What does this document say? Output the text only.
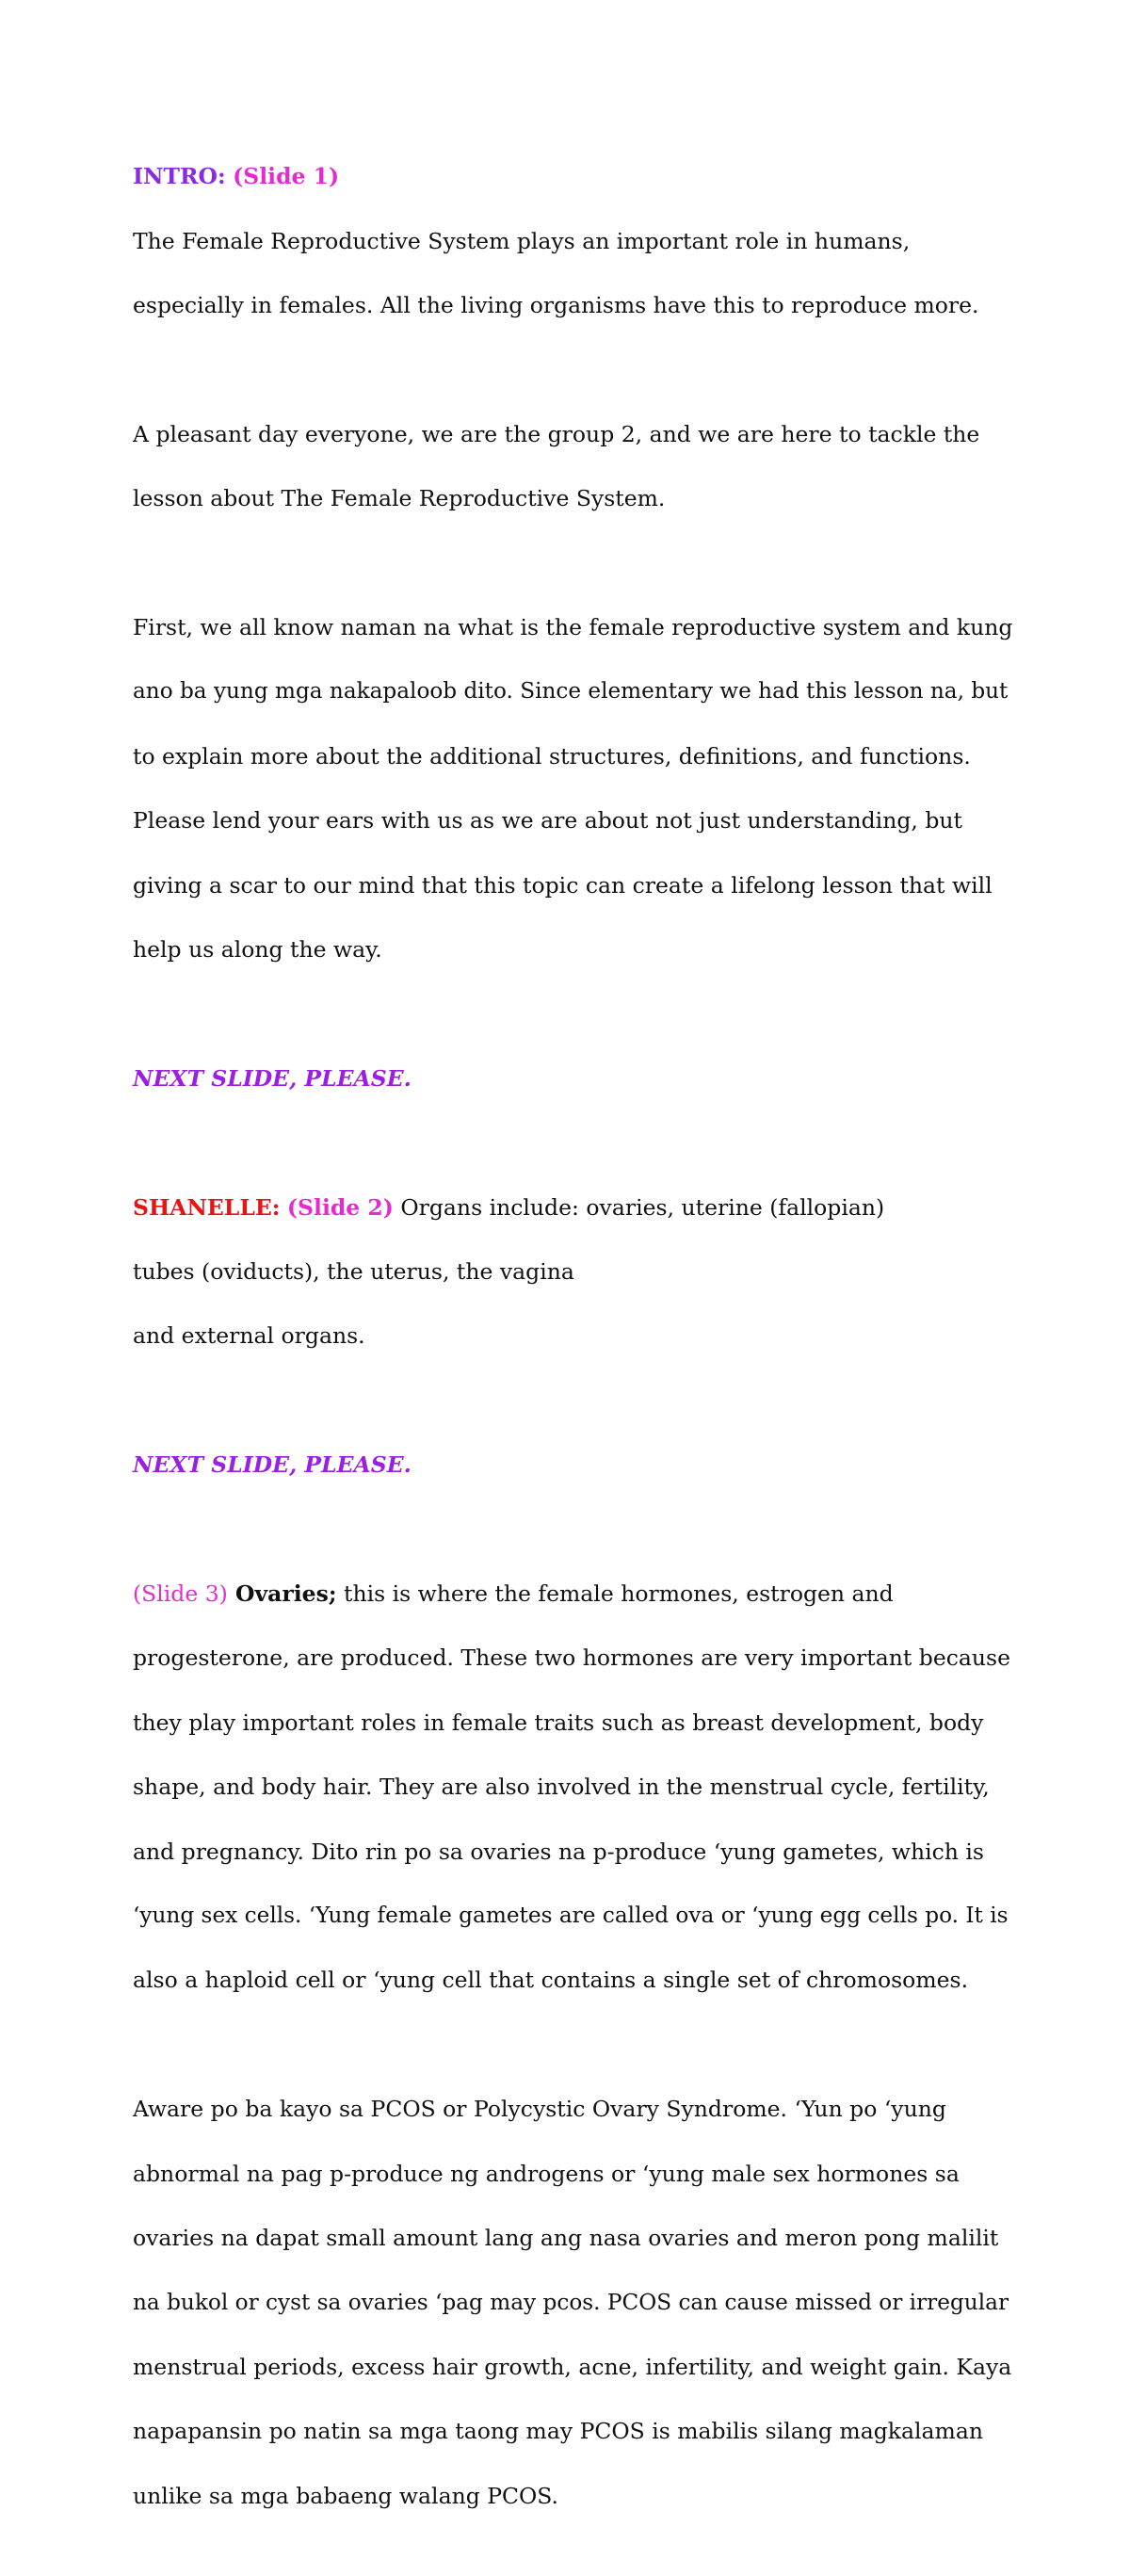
INTRO: (Slide 1)

The Female Reproductive System plays an important role in humans,

especially in females. All the living organisms have this to reproduce more.

A pleasant day everyone, we are the group 2, and we are here to tackle the

lesson about The Female Reproductive System.

First, we all know naman na what is the female reproductive system and kung

ano ba yung mga nakapaloob dito. Since elementary we had this lesson na, but

to explain more about the additional structures, definitions, and functions.

Please lend your ears with us as we are about not just understanding, but

giving a scar to our mind that this topic can create a lifelong lesson that will

help us along the way.

NEXT SLIDE, PLEASE.

SHANELLE: (Slide 2) Organs include: ovaries, uterine (fallopian)

tubes (oviducts), the uterus, the vagina

and external organs.

NEXT SLIDE, PLEASE.

(Slide 3) Ovaries; this is where the female hormones, estrogen and

progesterone, are produced. These two hormones are very important because

they play important roles in female traits such as breast development, body

shape, and body hair. They are also involved in the menstrual cycle, fertility,

and pregnancy. Dito rin po sa ovaries na p-produce ‘yung gametes, which is

‘yung sex cells. ‘Yung female gametes are called ova or ‘yung egg cells po. It is

also a haploid cell or ‘yung cell that contains a single set of chromosomes.

Aware po ba kayo sa PCOS or Polycystic Ovary Syndrome. ‘Yun po ‘yung

abnormal na pag p-produce ng androgens or ‘yung male sex hormones sa

ovaries na dapat small amount lang ang nasa ovaries and meron pong malilit

na bukol or cyst sa ovaries ‘pag may pcos. PCOS can cause missed or irregular

menstrual periods, excess hair growth, acne, infertility, and weight gain. Kaya

napapansin po natin sa mga taong may PCOS is mabilis silang magkalaman

unlike sa mga babaeng walang PCOS.
